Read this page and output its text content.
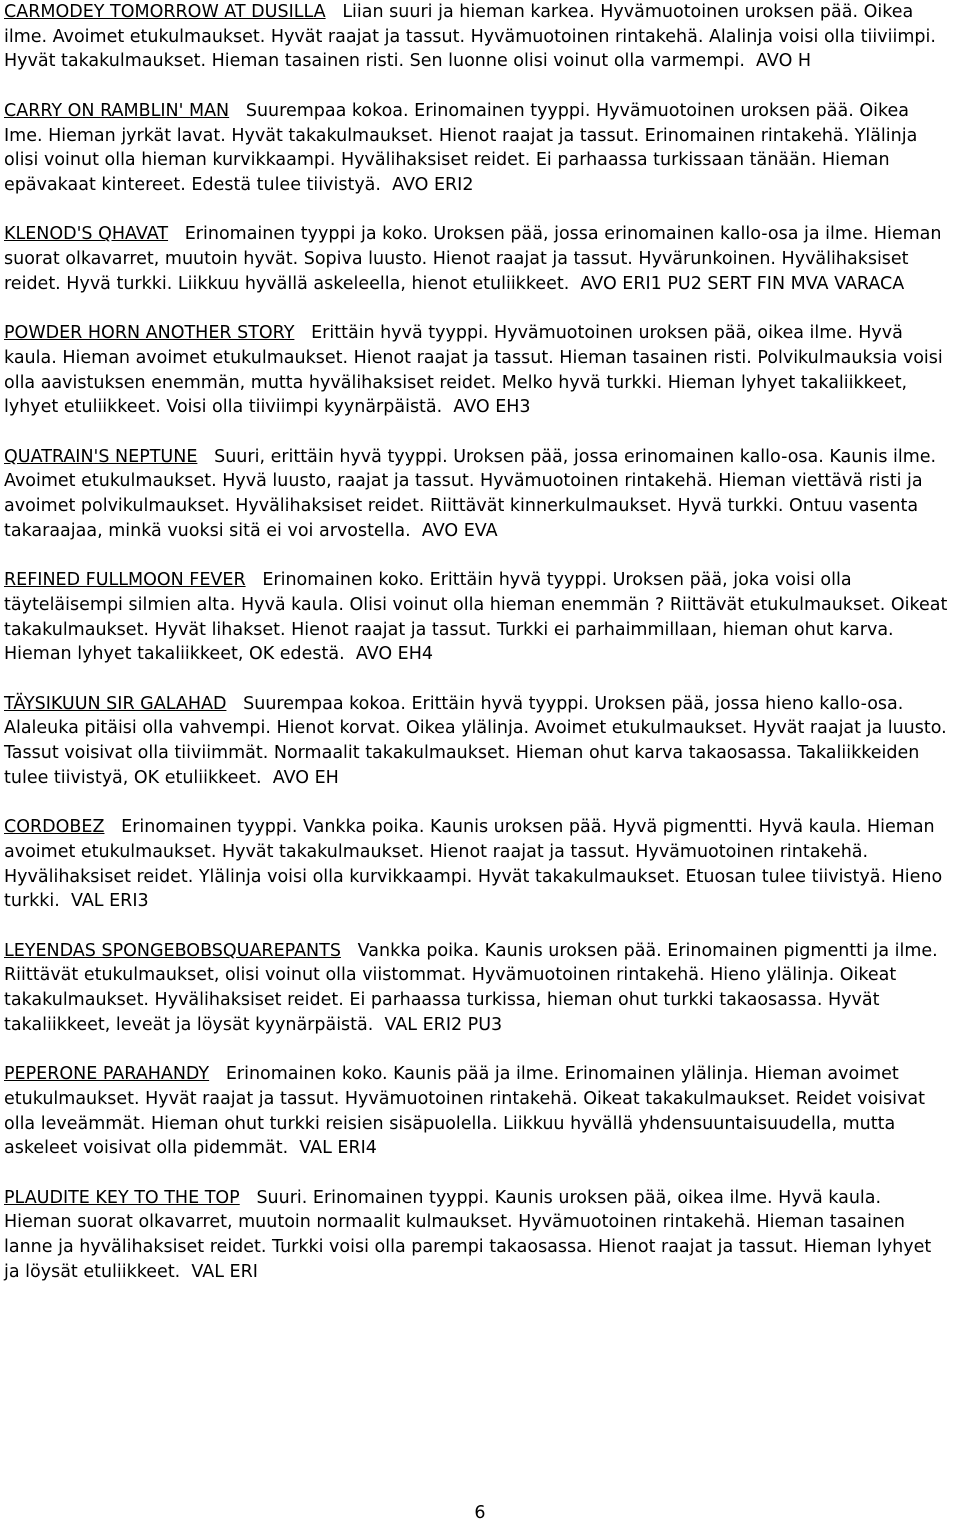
CARMODEY TOMORROW AT DUSILLA Liian suuri ja hieman karkea. Hyvämuotoinen uroksen pää. Oikea ilme. Avoimet etukulmaukset. Hyvät raajat ja tassut. Hyvämuotoinen rintakehä. Alalinja voisi olla tiiviimpi. Hyvät takakulmaukset. Hieman tasainen risti. Sen luonne olisi voinut olla varmempi. AVO H

CARRY ON RAMBLIN' MAN Suurempaa kokoa. Erinomainen tyyppi. Hyvämuotoinen uroksen pää. Oikea Ime. Hieman jyrkät lavat. Hyvät takakulmaukset. Hienot raajat ja tassut. Erinomainen rintakehä. Ylälinja olisi voinut olla hieman kurvikkaampi. Hyvälihaksiset reidet. Ei parhaassa turkissaan tänään. Hieman epävakaat kintereet. Edestä tulee tiivistyä. AVO ERI2

KLENOD'S QHAVAT Erinomainen tyyppi ja koko. Uroksen pää, jossa erinomainen kallo-osa ja ilme. Hieman suorat olkavarret, muutoin hyvät. Sopiva luusto. Hienot raajat ja tassut. Hyvärunkoinen. Hyvälihaksiset reidet. Hyvä turkki. Liikkuu hyvällä askeleella, hienot etuliikkeet. AVO ERI1 PU2 SERT FIN MVA VARACA

POWDER HORN ANOTHER STORY Erittäin hyvä tyyppi. Hyvämuotoinen uroksen pää, oikea ilme. Hyvä kaula. Hieman avoimet etukulmaukset. Hienot raajat ja tassut. Hieman tasainen risti. Polvikulmauksia voisi olla aavistuksen enemmän, mutta hyvälihaksiset reidet. Melko hyvä turkki. Hieman lyhyet takaliikkeet, lyhyet etuliikkeet. Voisi olla tiiviimpi kyynärpäistä. AVO EH3

QUATRAIN'S NEPTUNE Suuri, erittäin hyvä tyyppi. Uroksen pää, jossa erinomainen kallo-osa. Kaunis ilme. Avoimet etukulmaukset. Hyvä luusto, raajat ja tassut. Hyvämuotoinen rintakehä. Hieman viettävä risti ja avoimet polvikulmaukset. Hyvälihaksiset reidet. Riittävät kinnerkulmaukset. Hyvä turkki. Ontuu vasenta takaraajaa, minkä vuoksi sitä ei voi arvostella. AVO EVA

REFINED FULLMOON FEVER Erinomainen koko. Erittäin hyvä tyyppi. Uroksen pää, joka voisi olla täyteläisempi silmien alta. Hyvä kaula. Olisi voinut olla hieman enemmän ? Riittävät etukulmaukset. Oikeat takakulmaukset. Hyvät lihakset. Hienot raajat ja tassut. Turkki ei parhaimmillaan, hieman ohut karva. Hieman lyhyet takaliikkeet, OK edestä. AVO EH4

TÄYSIKUUN SIR GALAHAD Suurempaa kokoa. Erittäin hyvä tyyppi. Uroksen pää, jossa hieno kallo-osa. Alaleuka pitäisi olla vahvempi. Hienot korvat. Oikea ylälinja. Avoimet etukulmaukset. Hyvät raajat ja luusto. Tassut voisivat olla tiiviimmät. Normaalit takakulmaukset. Hieman ohut karva takaosassa. Takaliikkeiden tulee tiivistyä, OK etuliikkeet. AVO EH

CORDOBEZ Erinomainen tyyppi. Vankka poika. Kaunis uroksen pää. Hyvä pigmentti. Hyvä kaula. Hieman avoimet etukulmaukset. Hyvät takakulmaukset. Hienot raajat ja tassut. Hyvämuotoinen rintakehä. Hyvälihaksiset reidet. Ylälinja voisi olla kurvikkaampi. Hyvät takakulmaukset. Etuosan tulee tiivistyä. Hieno turkki. VAL ERI3

LEYENDAS SPONGEBOBSQUAREPANTS Vankka poika. Kaunis uroksen pää. Erinomainen pigmentti ja ilme. Riittävät etukulmaukset, olisi voinut olla viistommat. Hyvämuotoinen rintakehä. Hieno ylälinja. Oikeat takakulmaukset. Hyvälihaksiset reidet. Ei parhaassa turkissa, hieman ohut turkki takaosassa. Hyvät takaliikkeet, leveät ja löysät kyynärpäistä. VAL ERI2 PU3

PEPERONE PARAHANDY Erinomainen koko. Kaunis pää ja ilme. Erinomainen ylälinja. Hieman avoimet etukulmaukset. Hyvät raajat ja tassut. Hyvämuotoinen rintakehä. Oikeat takakulmaukset. Reidet voisivat olla leveämmät. Hieman ohut turkki reisien sisäpuolella. Liikkuu hyvällä yhdensuuntaisuudella, mutta askeleet voisivat olla pidemmät. VAL ERI4

PLAUDITE KEY TO THE TOP Suuri. Erinomainen tyyppi. Kaunis uroksen pää, oikea ilme. Hyvä kaula. Hieman suorat olkavarret, muutoin normaalit kulmaukset. Hyvämuotoinen rintakehä. Hieman tasainen lanne ja hyvälihaksiset reidet. Turkki voisi olla parempi takaosassa. Hienot raajat ja tassut. Hieman lyhyet ja löysät etuliikkeet. VAL ERI

6
